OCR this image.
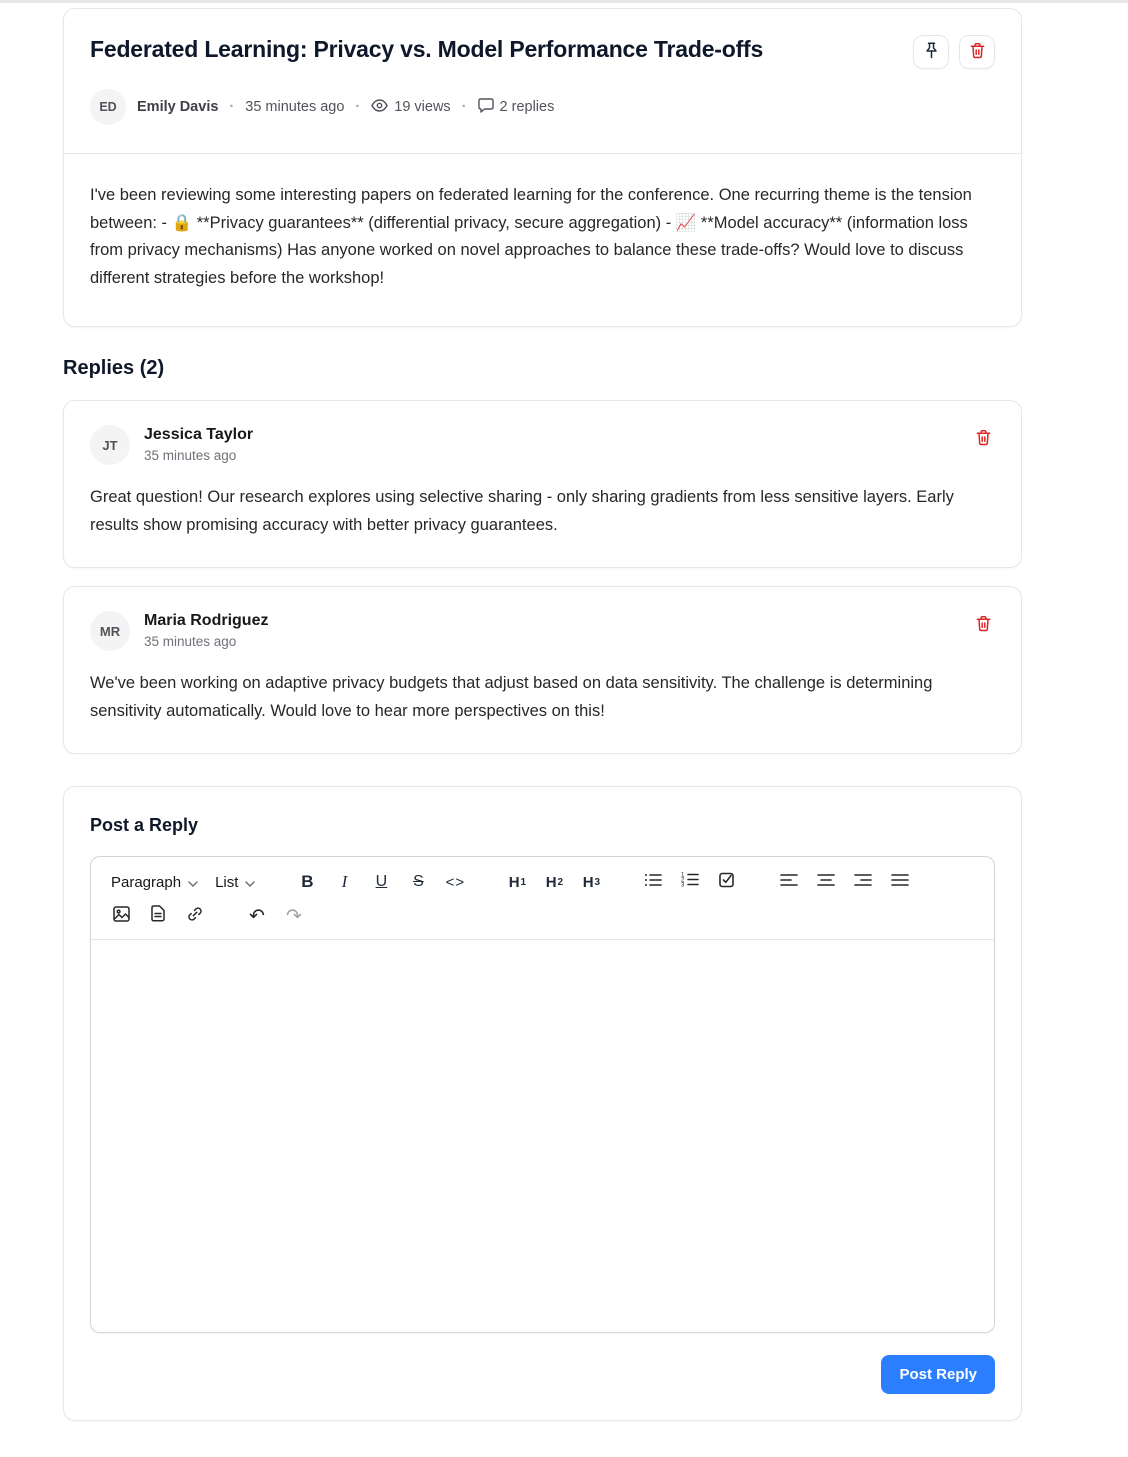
Federated Learning: Privacy vs. Model Performance Trade-offs
ED	Emily Davis · 35 minutes ago · 19 views · 2 replies
I've been reviewing some interesting papers on federated learning for the conference. One recurring theme is the tension between: - 🔒 **Privacy guarantees** (differential privacy, secure aggregation) - 📈 **Model accuracy** (information loss from privacy mechanisms) Has anyone worked on novel approaches to balance these trade-offs? Would love to discuss different strategies before the workshop!
Replies (2)
JT
Jessica Taylor
35 minutes ago
Great question! Our research explores using selective sharing - only sharing gradients from less sensitive layers. Early results show promising accuracy with better privacy guarantees.
MR
Maria Rodriguez
35 minutes ago
We've been working on adaptive privacy budgets that adjust based on data sensitivity. The challenge is determining sensitivity automatically. Would love to hear more perspectives on this!
Post a Reply
Paragraph List	B	I	U	S	<>	H 1 H 2 H 3
1
2
3
↶ ↷
Post Reply
